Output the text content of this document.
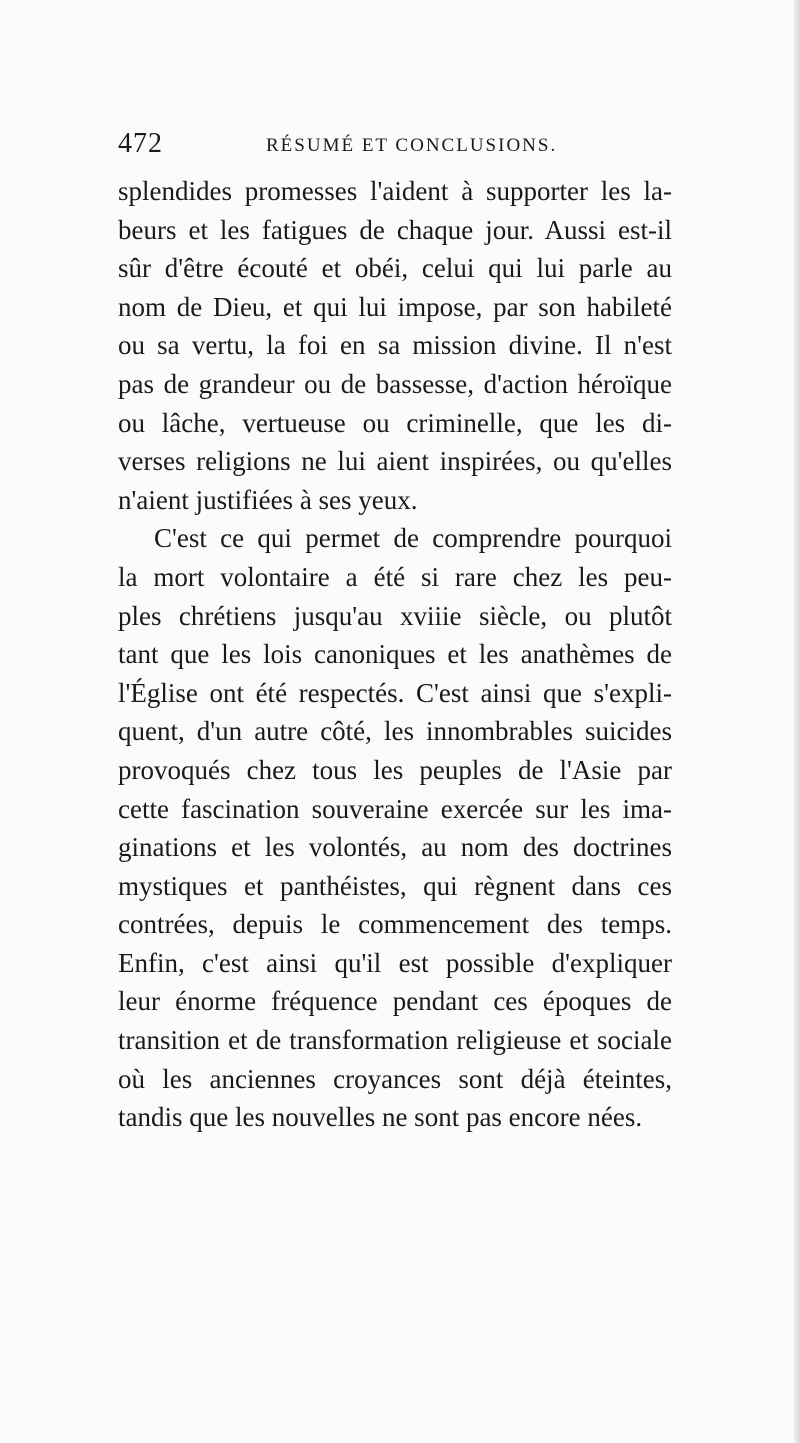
472	RÉSUMÉ ET CONCLUSIONS.
splendides promesses l'aident à supporter les la-
beurs et les fatigues de chaque jour. Aussi est-il
sûr d'être écouté et obéi, celui qui lui parle au
nom de Dieu, et qui lui impose, par son habileté
ou sa vertu, la foi en sa mission divine. Il n'est
pas de grandeur ou de bassesse, d'action héroïque
ou lâche, vertueuse ou criminelle, que les di-
verses religions ne lui aient inspirées, ou qu'elles
n'aient justifiées à ses yeux.
C'est ce qui permet de comprendre pourquoi
la mort volontaire a été si rare chez les peu-
ples chrétiens jusqu'au xviiie siècle, ou plutôt
tant que les lois canoniques et les anathèmes de
l'Église ont été respectés. C'est ainsi que s'expli-
quent, d'un autre côté, les innombrables suicides
provoqués chez tous les peuples de l'Asie par
cette fascination souveraine exercée sur les ima-
ginations et les volontés, au nom des doctrines
mystiques et panthéistes, qui règnent dans ces
contrées, depuis le commencement des temps.
Enfin, c'est ainsi qu'il est possible d'expliquer
leur énorme fréquence pendant ces époques de
transition et de transformation religieuse et sociale
où les anciennes croyances sont déjà éteintes,
tandis que les nouvelles ne sont pas encore nées.
